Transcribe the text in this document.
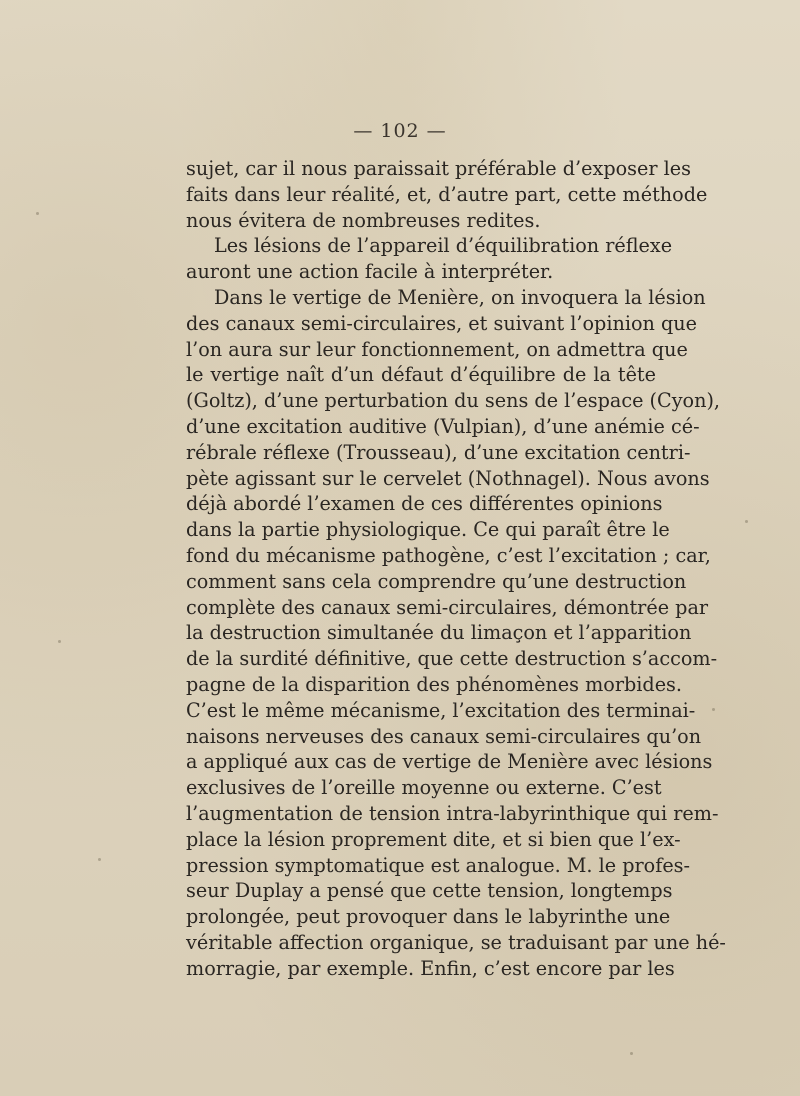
— 102 —
sujet, car il nous paraissait préférable d’exposer les
faits dans leur réalité, et, d’autre part, cette méthode
nous évitera de nombreuses redites.
Les lésions de l’appareil d’équilibration réflexe
auront une action facile à interpréter.
Dans le vertige de Menière, on invoquera la lésion
des canaux semi-circulaires, et suivant l’opinion que
l’on aura sur leur fonctionnement, on admettra que
le vertige naît d’un défaut d’équilibre de la tête
(Goltz), d’une perturbation du sens de l’espace (Cyon),
d’une excitation auditive (Vulpian), d’une anémie cé-
rébrale réflexe (Trousseau), d’une excitation centri-
pète agissant sur le cervelet (Nothnagel). Nous avons
déjà abordé l’examen de ces différentes opinions
dans la partie physiologique. Ce qui paraît être le
fond du mécanisme pathogène, c’est l’excitation ; car,
comment sans cela comprendre qu’une destruction
complète des canaux semi-circulaires, démontrée par
la destruction simultanée du limaçon et l’apparition
de la surdité définitive, que cette destruction s’accom-
pagne de la disparition des phénomènes morbides.
C’est le même mécanisme, l’excitation des terminai-
naisons nerveuses des canaux semi-circulaires qu’on
a appliqué aux cas de vertige de Menière avec lésions
exclusives de l’oreille moyenne ou externe. C’est
l’augmentation de tension intra-labyrinthique qui rem-
place la lésion proprement dite, et si bien que l’ex-
pression symptomatique est analogue. M. le profes-
seur Duplay a pensé que cette tension, longtemps
prolongée, peut provoquer dans le labyrinthe une
véritable affection organique, se traduisant par une hé-
morragie, par exemple. Enfin, c’est encore par les
